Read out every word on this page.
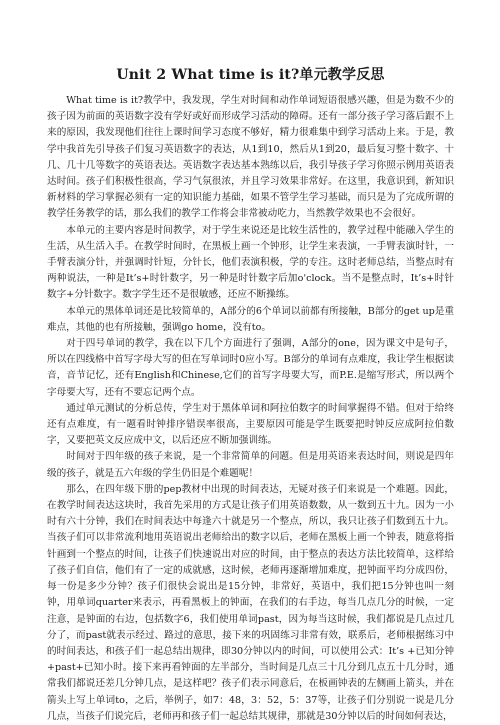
Unit 2 What time is it?单元教学反思

What time is it?教学中，我发现，学生对时间和动作单词短语很感兴趣，但是为数不少的孩子因为前面的英语数字没有学好或好而形成学习活动的障碍。还有一部分孩子学习落后跟不上来的原因，我发现他们往往上课时间学习态度不够好，精力很难集中到学习活动上来。于是，教学中我首先引导孩子们复习英语数字的表达，从1到10，然后从1到20，最后复习整十数字、十几、几十几等数字的英语表达。英语数字表达基本熟练以后，我引导孩子学习你照示例用英语表达时间。孩子们积极性很高，学习气氛很浓，并且学习效果非常好。在这里，我意识到，新知识新材料的学习掌握必须有一定的知识能力基础，如果不管学生学习基础，而只是为了完成所谓的教学任务教学的话，那么我们的教学工作将会非常被动吃力，当然教学效果也不会很好。

本单元的主要内容是时间教学，对于学生来说还是比较生活性的，教学过程中能融入学生的生活，从生活入手。在教学时间时，在黑板上画一个钟形，让学生来表演，一手臂表演时针，一手臂表演分针，并强调时针短，分针长，他们表演积极，学的专注。这时老师总结，当整点时有两种说法，一种是It’s+时针数字，另一种是时针数字后加o'clock。当不是整点时，It’s+时针数字+分针数字。数字学生还不是很敏感，还应不断操练。

本单元的黑体单词还是比较简单的，A部分的6个单词以前都有所接触，B部分的get up是重难点，其他的也有所接触，强调go home，没有to。

对于四号单词的教学，我在以下几个方面进行了强调，A部分的one，因为课文中是句子，所以在四线格中首写字母大写的但在写单词时0应小写。B部分的单词有点难度，我让学生根据读音，音节记忆，还有English和Chinese,它们的首写字母要大写，而P.E.是缩写形式，所以两个字母要大写，还有不要忘记两个点。

通过单元测试的分析总传，学生对于黑体单词和阿拉伯数字的时间掌握得不错。但对于给终还有点难度，有一题看时钟排序错误率很高，主要原因可能是学生既要把时钟反应成阿拉伯数字，又要把英文反应成中文，以后还应不断加强训练。

时间对于四年级的孩子来说，是一个非常简单的问题。但是用英语来表达时间，则说是四年级的孩子，就是五六年级的学生仍旧是个难题呢！

那么，在四年级下册的pep教材中出现的时间表达，无疑对孩子们来说是一个难题。因此，在教学时间表达这块时，我首先采用的方式是让孩子们用英语数数，从一数到五十九。因为一小时有六十分钟，我们在时间表达中每逢六十就是另一个整点，所以，我只让孩子们数到五十九。当孩子们可以非常流利地用英语说出老师给出的数字以后，老师在黑板上画一个钟表，随意将指针画到一个整点的时间，让孩子们快速说出对应的时间，由于整点的表达方法比较简单，这样给了孩子们自信，他们有了一定的成就感，这时候，老师再逐渐增加难度，把钟面平均分成四份，每一份是多少分钟？孩子们很快会说出是15分钟，非常好，英语中，我们把15分钟也叫一刻钟，用单词quarter来表示，再看黑板上的钟面，在我们的右手边，每当几点几分的时候，一定注意，是钟面的右边，包括数字6，我们使用单词past，因为每当这时候，我们都说是几点过几分了，而past就表示经过、路过的意思，接下来的巩固练习非常有效，联系后，老师根据练习中的时间表达，和孩子们一起总结出规律，即30分钟以内的时间，可以使用公式：It’s +已知分钟+past+已知小时。接下来再看钟面的左半部分，当时间是几点三十几分到几点五十几分时，通常我们都说还差几分钟几点，是这样吧？孩子们表示同意后，在板画钟表的左侧画上箭头，并在箭头上写上单词to，之后，举例子，如7：48，3：52，5：37等，让孩子们分别说一说是几分几点，当孩子们说完后，老师再和孩子们一起总结其规律，那就是30分钟以后的时间如何表达，
